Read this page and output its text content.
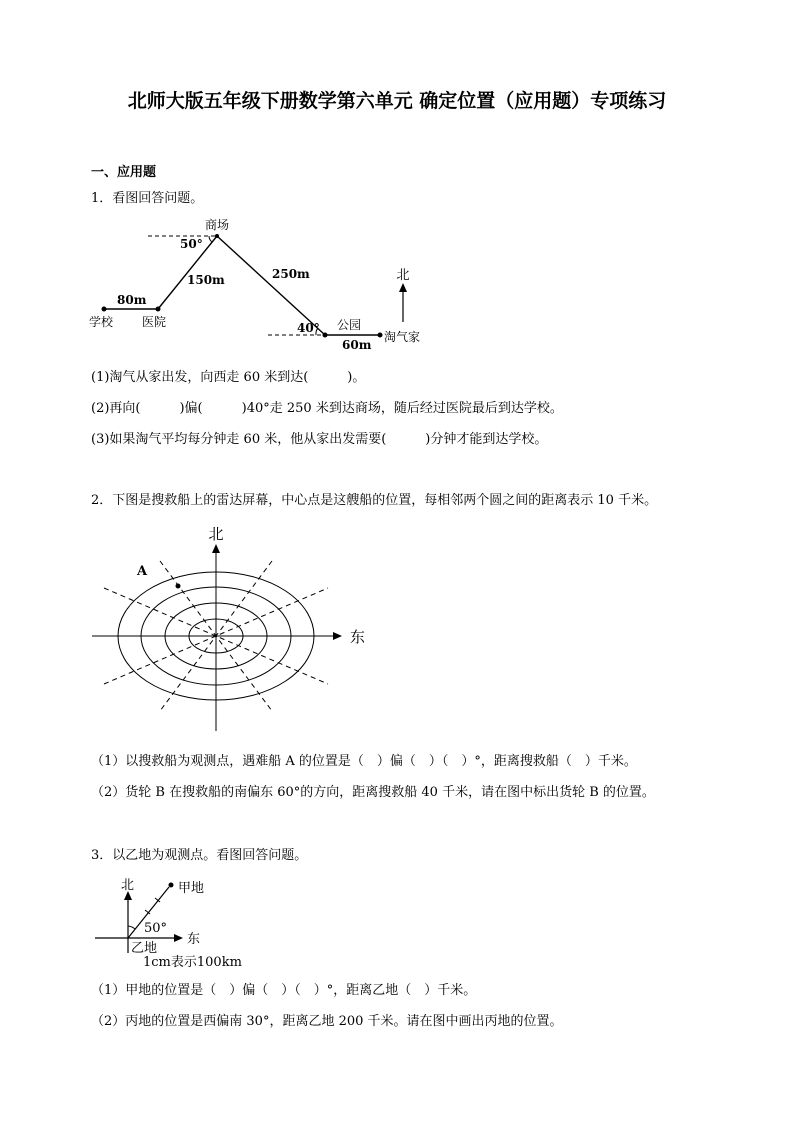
北师大版五年级下册数学第六单元 确定位置（应用题）专项练习
一、应用题
1．看图回答问题。
北
商场
50°
150m	250m
80m
学校 医院	40° 公园
60m
淘气家
(1)淘气从家出发，向西走 60 米到达(　　　)。
(2)再向(　　　)偏(　　　)40°走 250 米到达商场，随后经过医院最后到达学校。
(3)如果淘气平均每分钟走 60 米，他从家出发需要(　　　)分钟才能到达学校。
2．下图是搜救船上的雷达屏幕，中心点是这艘船的位置，每相邻两个圆之间的距离表示 10 千米。
A
北
东
（1）以搜救船为观测点，遇难船 A 的位置是（　）偏（　）（　）°，距离搜救船（　）千米。
（2）货轮 B 在搜救船的南偏东 60°的方向，距离搜救船 40 千米，请在图中标出货轮 B 的位置。
3．以乙地为观测点。看图回答问题。
北	甲地
50°
东
乙地
1cm表示100km
（1）甲地的位置是（　）偏（　）（　）°，距离乙地（　）千米。
（2）丙地的位置是西偏南 30°，距离乙地 200 千米。请在图中画出丙地的位置。
